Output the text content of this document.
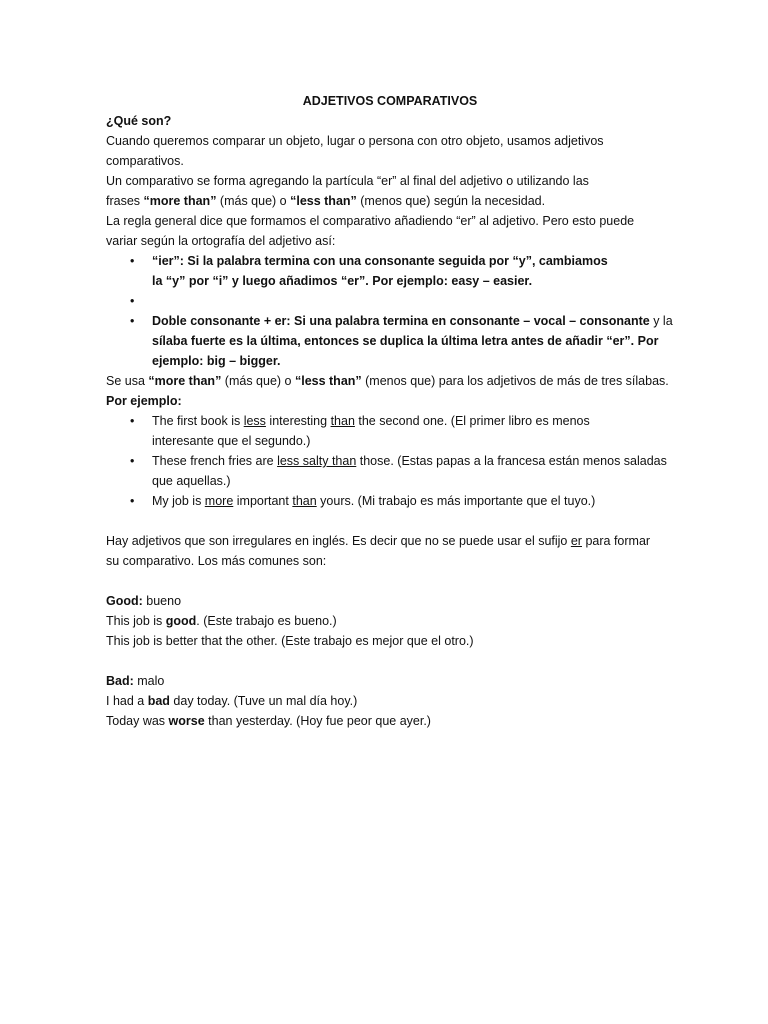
ADJETIVOS COMPARATIVOS

¿Qué son?

Cuando queremos comparar un objeto, lugar o persona con otro objeto, usamos adjetivos

comparativos.

Un comparativo se forma agregando la partícula “er” al final del adjetivo o utilizando las

frases “more than” (más que) o “less than” (menos que) según la necesidad.

La regla general dice que formamos el comparativo añadiendo “er” al adjetivo. Pero esto puede

variar según la ortografía del adjetivo así:

• “ier”: Si la palabra termina con una consonante seguida por “y”, cambiamos
la “y” por “i” y luego añadimos “er”. Por ejemplo: easy – easier.
•
• Doble consonante + er: Si una palabra termina en consonante – vocal – consonante y la
sílaba fuerte es la última, entonces se duplica la última letra antes de añadir “er”. Por
ejemplo: big – bigger.

Se usa “more than” (más que) o “less than” (menos que) para los adjetivos de más de tres sílabas.

Por ejemplo:

• The first book is less interesting than the second one. (El primer libro es menos
interesante que el segundo.)
• These french fries are less salty than those. (Estas papas a la francesa están menos saladas
que aquellas.)
• My job is more important than yours. (Mi trabajo es más importante que el tuyo.)

Hay adjetivos que son irregulares en inglés. Es decir que no se puede usar el sufijo er para formar

su comparativo. Los más comunes son:

Good: bueno

This job is good. (Este trabajo es bueno.)

This job is better that the other. (Este trabajo es mejor que el otro.)

Bad: malo

I had a bad day today. (Tuve un mal día hoy.)

Today was worse than yesterday. (Hoy fue peor que ayer.)
